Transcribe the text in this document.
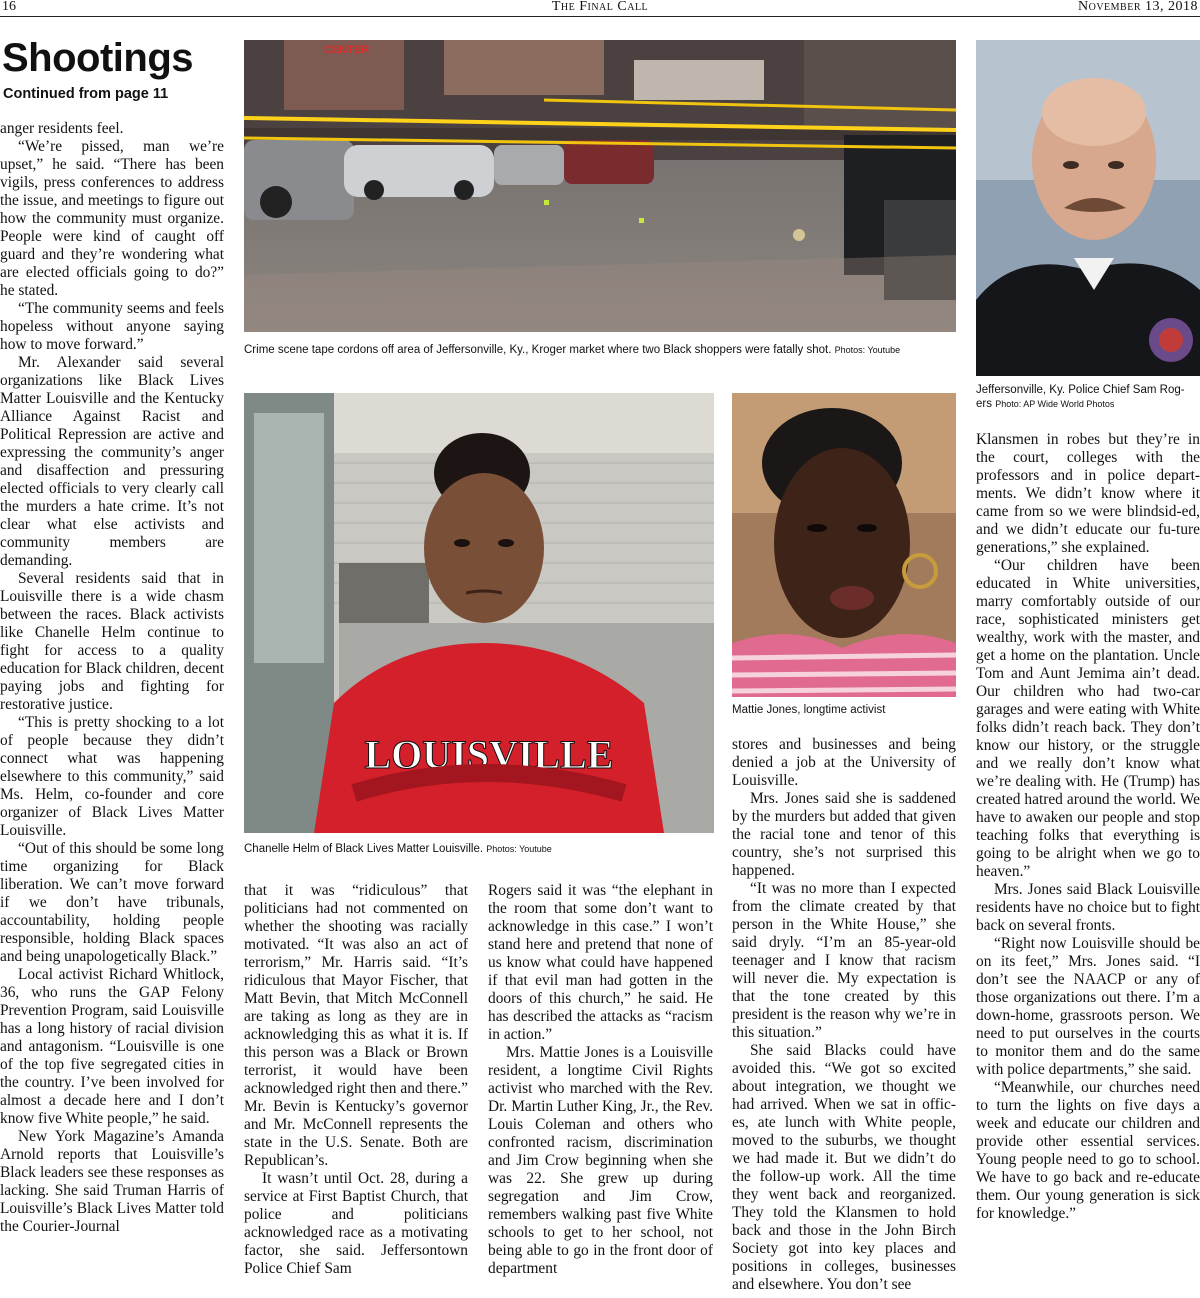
16	The Final Call	November 13, 2018
Shootings
Continued from page 11

anger residents feel.

“We’re pissed, man we’re upset,” he said. “There has been vigils, press conferences to address the issue, and meetings to figure out how the community must organize. People were kind of caught off guard and they’re wondering what are elected officials going to do?” he stated.

“The community seems and feels hopeless without anyone saying how to move forward.”

Mr. Alexander said several organizations like Black Lives Matter Louisville and the Kentucky Alliance Against Racist and Political Repression are active and expressing the community’s anger and disaffection and pressuring elected officials to very clearly call the murders a hate crime. It’s not clear what else activists and community members are demanding.

Several residents said that in Louisville there is a wide chasm between the races. Black activists like Chanelle Helm continue to fight for access to a quality education for Black children, decent paying jobs and fighting for restorative justice.

“This is pretty shocking to a lot of people because they didn’t connect what was happening elsewhere to this community,” said Ms. Helm, co-founder and core organizer of Black Lives Matter Louisville.

“Out of this should be some long time organizing for Black liberation. We can’t move forward if we don’t have tribunals, accountability, holding people responsible, holding Black spaces and being unapologetically Black.”

Local activist Richard Whitlock, 36, who runs the GAP Felony Prevention Program, said Louisville has a long history of racial division and antagonism. “Louisville is one of the top five segregated cities in the country. I’ve been involved for almost a decade here and I don’t know five White people,” he said.

New York Magazine’s Amanda Arnold reports that Louisville’s Black leaders see these responses as lacking. She said Truman Harris of Louisville’s Black Lives Matter told the Courier-Journal

CENTER
Crime scene tape cordons off area of Jeffersonville, Ky., Kroger market where two Black shoppers were fatally shot. Photos: Youtube
Jeffersonville, Ky. Police Chief Sam Rog-ers Photo: AP Wide World Photos
LOUISVILLE
Chanelle Helm of Black Lives Matter Louisville. Photos: Youtube
Mattie Jones, longtime activist

that it was “ridiculous” that politicians had not commented on whether the shooting was racially motivated. “It was also an act of terrorism,” Mr. Harris said. “It’s ridiculous that Mayor Fischer, that Matt Bevin, that Mitch McConnell are taking as long as they are in acknowledging this as what it is. If this person was a Black or Brown terrorist, it would have been acknowledged right then and there.” Mr. Bevin is Kentucky’s governor and Mr. McConnell represents the state in the U.S. Senate. Both are Republican’s.

It wasn’t until Oct. 28, during a service at First Baptist Church, that police and politicians acknowledged race as a motivating factor, she said. Jeffersontown Police Chief Sam

Rogers said it was “the elephant in the room that some don’t want to acknowledge in this case.” I won’t stand here and pretend that none of us know what could have happened if that evil man had gotten in the doors of this church,” he said. He has described the attacks as “racism in action.”

Mrs. Mattie Jones is a Louisville resident, a longtime Civil Rights activist who marched with the Rev. Dr. Martin Luther King, Jr., the Rev. Louis Coleman and others who confronted racism, discrimination and Jim Crow beginning when she was 22. She grew up during segregation and Jim Crow, remembers walking past five White schools to get to her school, not being able to go in the front door of department

stores and businesses and being denied a job at the University of Louisville.

Mrs. Jones said she is saddened by the murders but added that given the racial tone and tenor of this country, she’s not surprised this happened.

“It was no more than I expected from the climate created by that person in the White House,” she said dryly. “I’m an 85-year-old teenager and I know that racism will never die. My expectation is that the tone created by this president is the reason why we’re in this situation.”

She said Blacks could have avoided this. “We got so excited about integration, we thought we had arrived. When we sat in offic-es, ate lunch with White people, moved to the suburbs, we thought we had made it. But we didn’t do the follow-up work. All the time they went back and reorganized. They told the Klansmen to hold back and those in the John Birch Society got into key places and positions in colleges, businesses and elsewhere. You don’t see

Klansmen in robes but they’re in the court, colleges with the professors and in police depart-ments. We didn’t know where it came from so we were blindsid-ed, and we didn’t educate our fu-ture generations,” she explained.

“Our children have been educated in White universities, marry comfortably outside of our race, sophisticated ministers get wealthy, work with the master, and get a home on the plantation. Uncle Tom and Aunt Jemima ain’t dead. Our children who had two-car garages and were eating with White folks didn’t reach back. They don’t know our history, or the struggle and we really don’t know what we’re dealing with. He (Trump) has created hatred around the world. We have to awaken our people and stop teaching folks that everything is going to be alright when we go to heaven.”

Mrs. Jones said Black Louisville residents have no choice but to fight back on several fronts.

“Right now Louisville should be on its feet,” Mrs. Jones said. “I don’t see the NAACP or any of those organizations out there. I’m a down-home, grassroots person. We need to put ourselves in the courts to monitor them and do the same with police departments,” she said.

“Meanwhile, our churches need to turn the lights on five days a week and educate our children and provide other essential services. Young people need to go to school. We have to go back and re-educate them. Our young generation is sick for knowledge.”
